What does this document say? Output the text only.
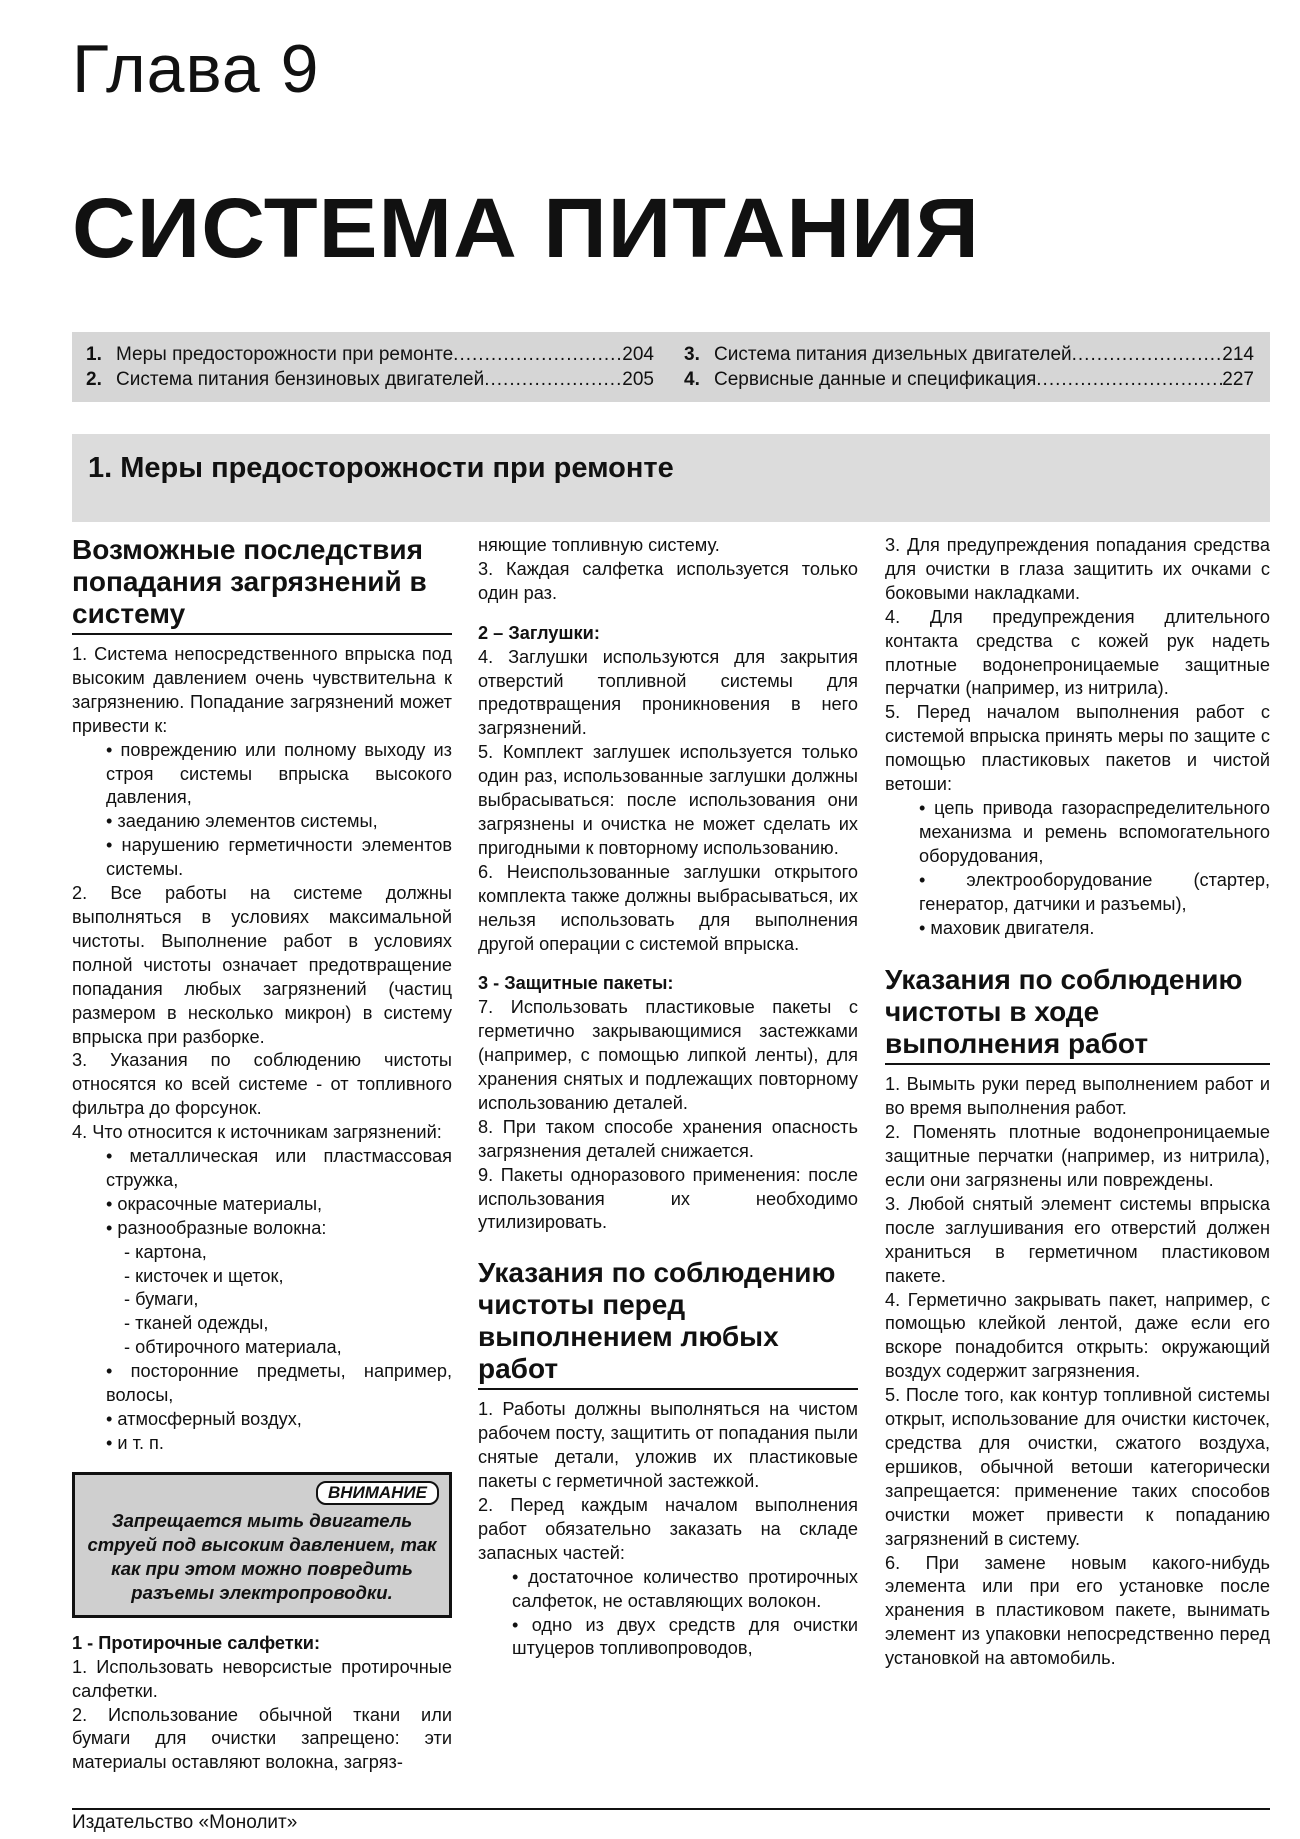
Глава 9
СИСТЕМА ПИТАНИЯ
1. Меры предосторожности при ремонте .....	204
2. Система питания бензиновых двигателей .....	205
3. Система питания дизельных двигателей .....	214
4. Сервисные данные и спецификация .....	227
1. Меры предосторожности при ремонте
Возможные последствия попадания загрязнений в систему

1. Система непосредственного впрыска под высоким давлением очень чувствительна к загрязнению. Попадание загрязнений может привести к:

• повреждению или полному выходу из строя системы впрыска высокого давления,

• заеданию элементов системы,

• нарушению герметичности элементов системы.

2. Все работы на системе должны выполняться в условиях максимальной чистоты. Выполнение работ в условиях полной чистоты означает предотвращение попадания любых загрязнений (частиц размером в несколько микрон) в систему впрыска при разборке.

3. Указания по соблюдению чистоты относятся ко всей системе - от топливного фильтра до форсунок.

4. Что относится к источникам загрязнений:

• металлическая или пластмассовая стружка,

• окрасочные материалы,

• разнообразные волокна:

- картона,

- кисточек и щеток,

- бумаги,

- тканей одежды,

- обтирочного материала,

• посторонние предметы, например, волосы,

• атмосферный воздух,

• и т. п.

ВНИМАНИЕ
Запрещается мыть двигатель струей под высоким давлением, так как при этом можно повредить разъемы электропроводки.

1 - Протирочные салфетки:

1. Использовать неворсистые протирочные салфетки.

2. Использование обычной ткани или бумаги для очистки запрещено: эти материалы оставляют волокна, загряз-

няющие топливную систему.

3. Каждая салфетка используется только один раз.

2 – Заглушки:

4. Заглушки используются для закрытия отверстий топливной системы для предотвращения проникновения в него загрязнений.

5. Комплект заглушек используется только один раз, использованные заглушки должны выбрасываться: после использования они загрязнены и очистка не может сделать их пригодными к повторному использованию.

6. Неиспользованные заглушки открытого комплекта также должны выбрасываться, их нельзя использовать для выполнения другой операции с системой впрыска.

3 - Защитные пакеты:

7. Использовать пластиковые пакеты с герметично закрывающимися застежками (например, с помощью липкой ленты), для хранения снятых и подлежащих повторному использованию деталей.

8. При таком способе хранения опасность загрязнения деталей снижается.

9. Пакеты одноразового применения: после использования их необходимо утилизировать.

Указания по соблюдению чистоты перед выполнением любых работ

1. Работы должны выполняться на чистом рабочем посту, защитить от попадания пыли снятые детали, уложив их пластиковые пакеты с герметичной застежкой.

2. Перед каждым началом выполнения работ обязательно заказать на складе запасных частей:

• достаточное количество протирочных салфеток, не оставляющих волокон.

• одно из двух средств для очистки штуцеров топливопроводов,

3. Для предупреждения попадания средства для очистки в глаза защитить их очками с боковыми накладками.

4. Для предупреждения длительного контакта средства с кожей рук надеть плотные водонепроницаемые защитные перчатки (например, из нитрила).

5. Перед началом выполнения работ с системой впрыска принять меры по защите с помощью пластиковых пакетов и чистой ветоши:

• цепь привода газораспределительного механизма и ремень вспомогательного оборудования,

• электрооборудование (стартер, генератор, датчики и разъемы),

• маховик двигателя.

Указания по соблюдению чистоты в ходе выполнения работ

1. Вымыть руки перед выполнением работ и во время выполнения работ.

2. Поменять плотные водонепроницаемые защитные перчатки (например, из нитрила), если они загрязнены или повреждены.

3. Любой снятый элемент системы впрыска после заглушивания его отверстий должен храниться в герметичном пластиковом пакете.

4. Герметично закрывать пакет, например, с помощью клейкой лентой, даже если его вскоре понадобится открыть: окружающий воздух содержит загрязнения.

5. После того, как контур топливной системы открыт, использование для очистки кисточек, средства для очистки, сжатого воздуха, ершиков, обычной ветоши категорически запрещается: применение таких способов очистки может привести к попаданию загрязнений в систему.

6. При замене новым какого-нибудь элемента или при его установке после хранения в пластиковом пакете, вынимать элемент из упаковки непосредственно перед установкой на автомобиль.

Издательство «Монолит»
